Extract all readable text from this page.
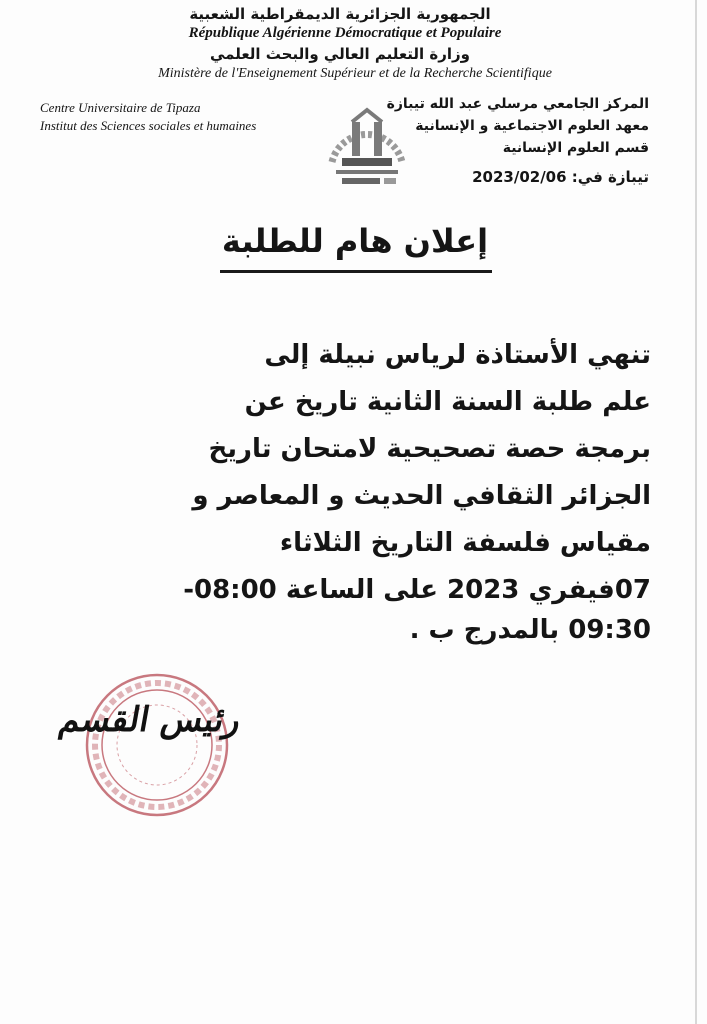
الجمهورية الجزائرية الديمقراطية الشعبية
République Algérienne Démocratique et Populaire
وزارة التعليم العالي والبحث العلمي
Ministère de l'Enseignement Supérieur et de la Recherche Scientifique
Centre Universitaire de Tipaza
Institut des Sciences sociales et humaines
المركز الجامعي مرسلي عبد الله تيبازة
معهد العلوم الاجتماعية و الإنسانية
قسم العلوم الإنسانية
تيبازة في: 2023/02/06
إعلان هام للطلبة
تنهي الأستاذة لرياس نبيلة إلى
علم طلبة السنة الثانية تاريخ عن
برمجة حصة تصحيحية لامتحان تاريخ
الجزائر الثقافي الحديث و المعاصر و
مقياس فلسفة التاريخ الثلاثاء
07فيفري 2023 على الساعة 08:00-
09:30 بالمدرج ب .
رئيس القسم
